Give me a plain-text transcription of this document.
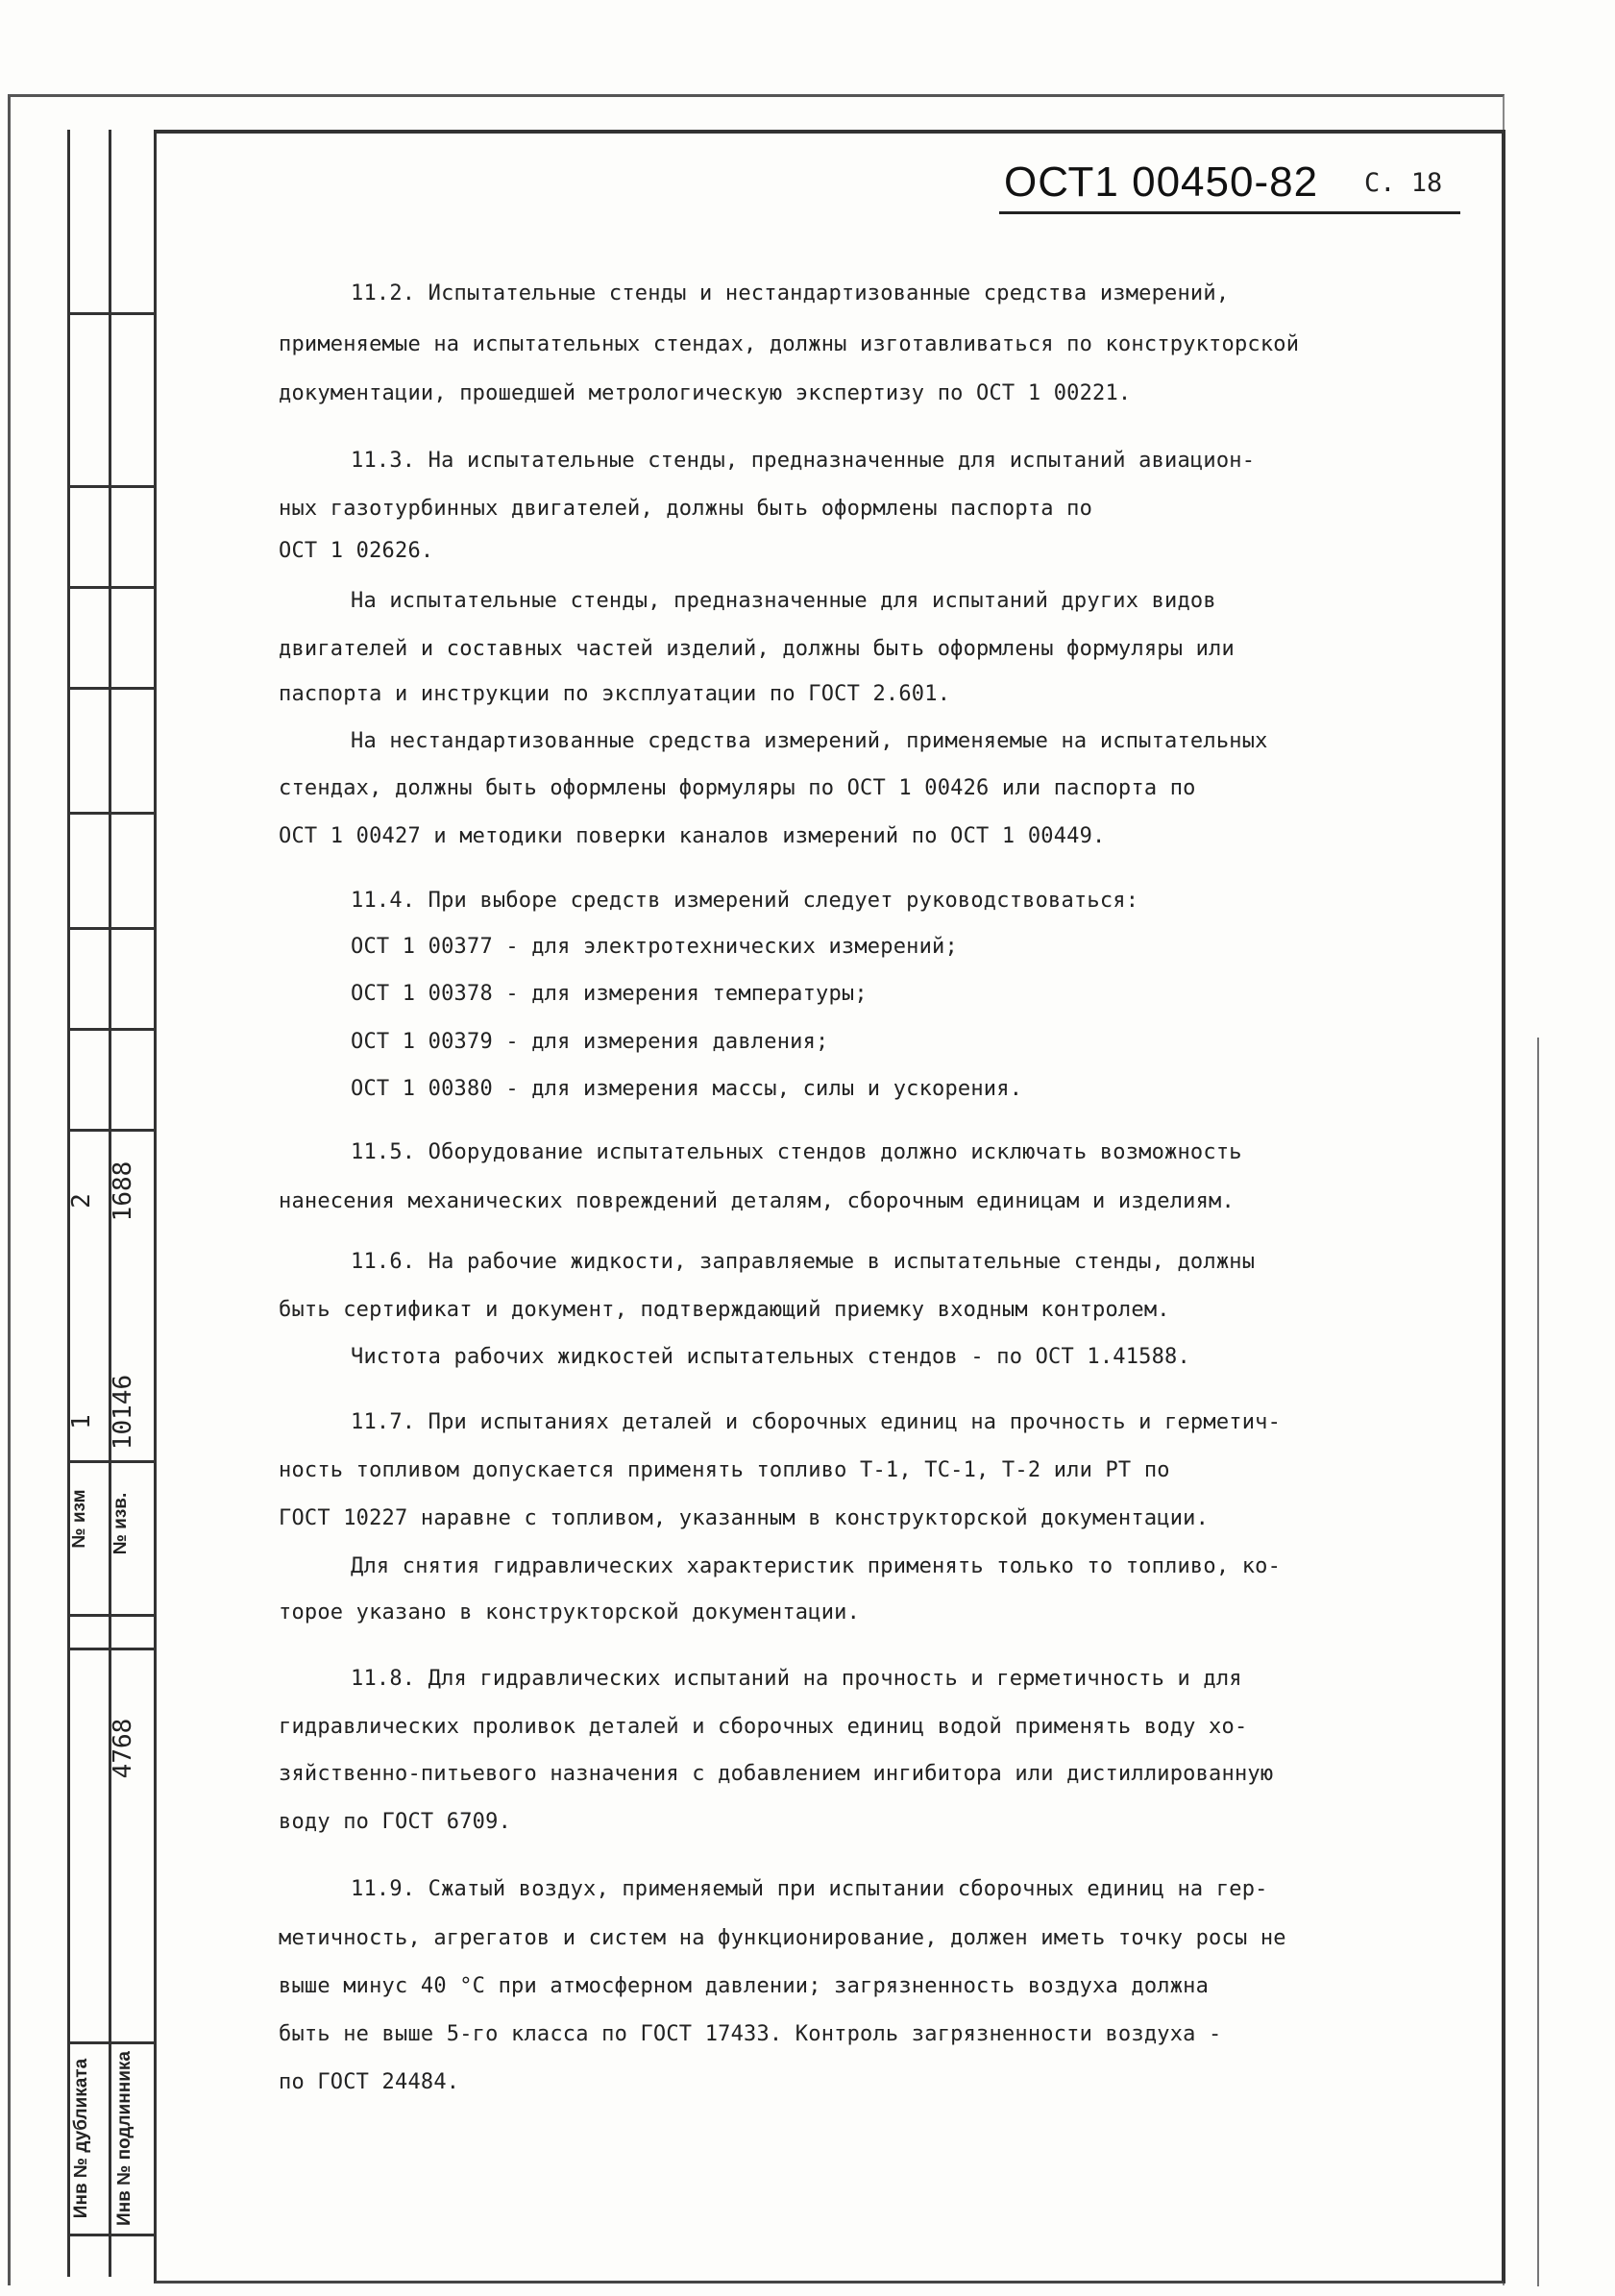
№ изм
1
2
№ изв.
10146
1688
4768
Инв № дубликата Инв № подлинника
ОСТ1 00450-82 С. 18
11.2. Испытательные стенды и нестандартизованные средства измерений,
применяемые на испытательных стендах, должны изготавливаться по конструкторской
документации, прошедшей метрологическую экспертизу по ОСТ 1 00221.
11.3. На испытательные стенды, предназначенные для испытаний авиацион-
ных газотурбинных двигателей, должны быть оформлены паспорта по
ОСТ 1 02626.
На испытательные стенды, предназначенные для испытаний других видов
двигателей и составных частей изделий, должны быть оформлены формуляры или
паспорта и инструкции по эксплуатации по ГОСТ 2.601.
На нестандартизованные средства измерений, применяемые на испытательных
стендах, должны быть оформлены формуляры по ОСТ 1 00426 или паспорта по
ОСТ 1 00427 и методики поверки каналов измерений по ОСТ 1 00449.
11.4. При выборе средств измерений следует руководствоваться:
ОСТ 1 00377 - для электротехнических измерений;
ОСТ 1 00378 - для измерения температуры;
ОСТ 1 00379 - для измерения давления;
ОСТ 1 00380 - для измерения массы, силы и ускорения.
11.5. Оборудование испытательных стендов должно исключать возможность
нанесения механических повреждений деталям, сборочным единицам и изделиям.
11.6. На рабочие жидкости, заправляемые в испытательные стенды, должны
быть сертификат и документ, подтверждающий приемку входным контролем.
Чистота рабочих жидкостей испытательных стендов - по ОСТ 1.41588.
11.7. При испытаниях деталей и сборочных единиц на прочность и герметич-
ность топливом допускается применять топливо Т-1, ТС-1, Т-2 или РТ по
ГОСТ 10227 наравне с топливом, указанным в конструкторской документации.
Для снятия гидравлических характеристик применять только то топливо, ко-
торое указано в конструкторской документации.
11.8. Для гидравлических испытаний на прочность и герметичность и для
гидравлических проливок деталей и сборочных единиц водой применять воду хо-
зяйственно-питьевого назначения с добавлением ингибитора или дистиллированную
воду по ГОСТ 6709.
11.9. Сжатый воздух, применяемый при испытании сборочных единиц на гер-
метичность, агрегатов и систем на функционирование, должен иметь точку росы не
выше минус 40 °С при атмосферном давлении; загрязненность воздуха должна
быть не выше 5-го класса по ГОСТ 17433. Контроль загрязненности воздуха -
по ГОСТ 24484.
